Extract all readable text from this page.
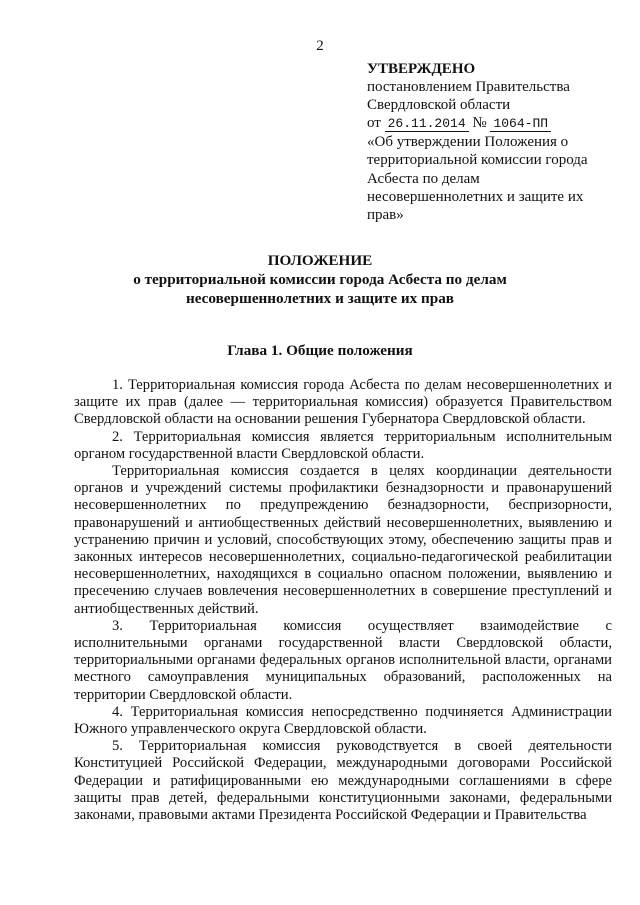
2
УТВЕРЖДЕНО
постановлением Правительства
Свердловской области
от 26.11.2014 № 1064-ПП
«Об утверждении Положения о территориальной комиссии города Асбеста по делам несовершеннолетних и защите их прав»
ПОЛОЖЕНИЕ
о территориальной комиссии города Асбеста по делам
несовершеннолетних и защите их прав
Глава 1. Общие положения

1. Территориальная комиссия города Асбеста по делам несовершеннолетних и защите их прав (далее — территориальная комиссия) образуется Правительством Свердловской области на основании решения Губернатора Свердловской области.

2. Территориальная комиссия является территориальным исполнительным органом государственной власти Свердловской области.

Территориальная комиссия создается в целях координации деятельности органов и учреждений системы профилактики безнадзорности и правонарушений несовершеннолетних по предупреждению безнадзорности, беспризорности, правонарушений и антиобщественных действий несовершеннолетних, выявлению и устранению причин и условий, способствующих этому, обеспечению защиты прав и законных интересов несовершеннолетних, социально-педагогической реабилитации несовершеннолетних, находящихся в социально опасном положении, выявлению и пресечению случаев вовлечения несовершеннолетних в совершение преступлений и антиобщественных действий.

3. Территориальная комиссия осуществляет взаимодействие с исполнительными органами государственной власти Свердловской области, территориальными органами федеральных органов исполнительной власти, органами местного самоуправления муниципальных образований, расположенных на территории Свердловской области.

4. Территориальная комиссия непосредственно подчиняется Администрации Южного управленческого округа Свердловской области.

5. Территориальная комиссия руководствуется в своей деятельности Конституцией Российской Федерации, международными договорами Российской Федерации и ратифицированными ею международными соглашениями в сфере защиты прав детей, федеральными конституционными законами, федеральными законами, правовыми актами Президента Российской Федерации и Правительства
